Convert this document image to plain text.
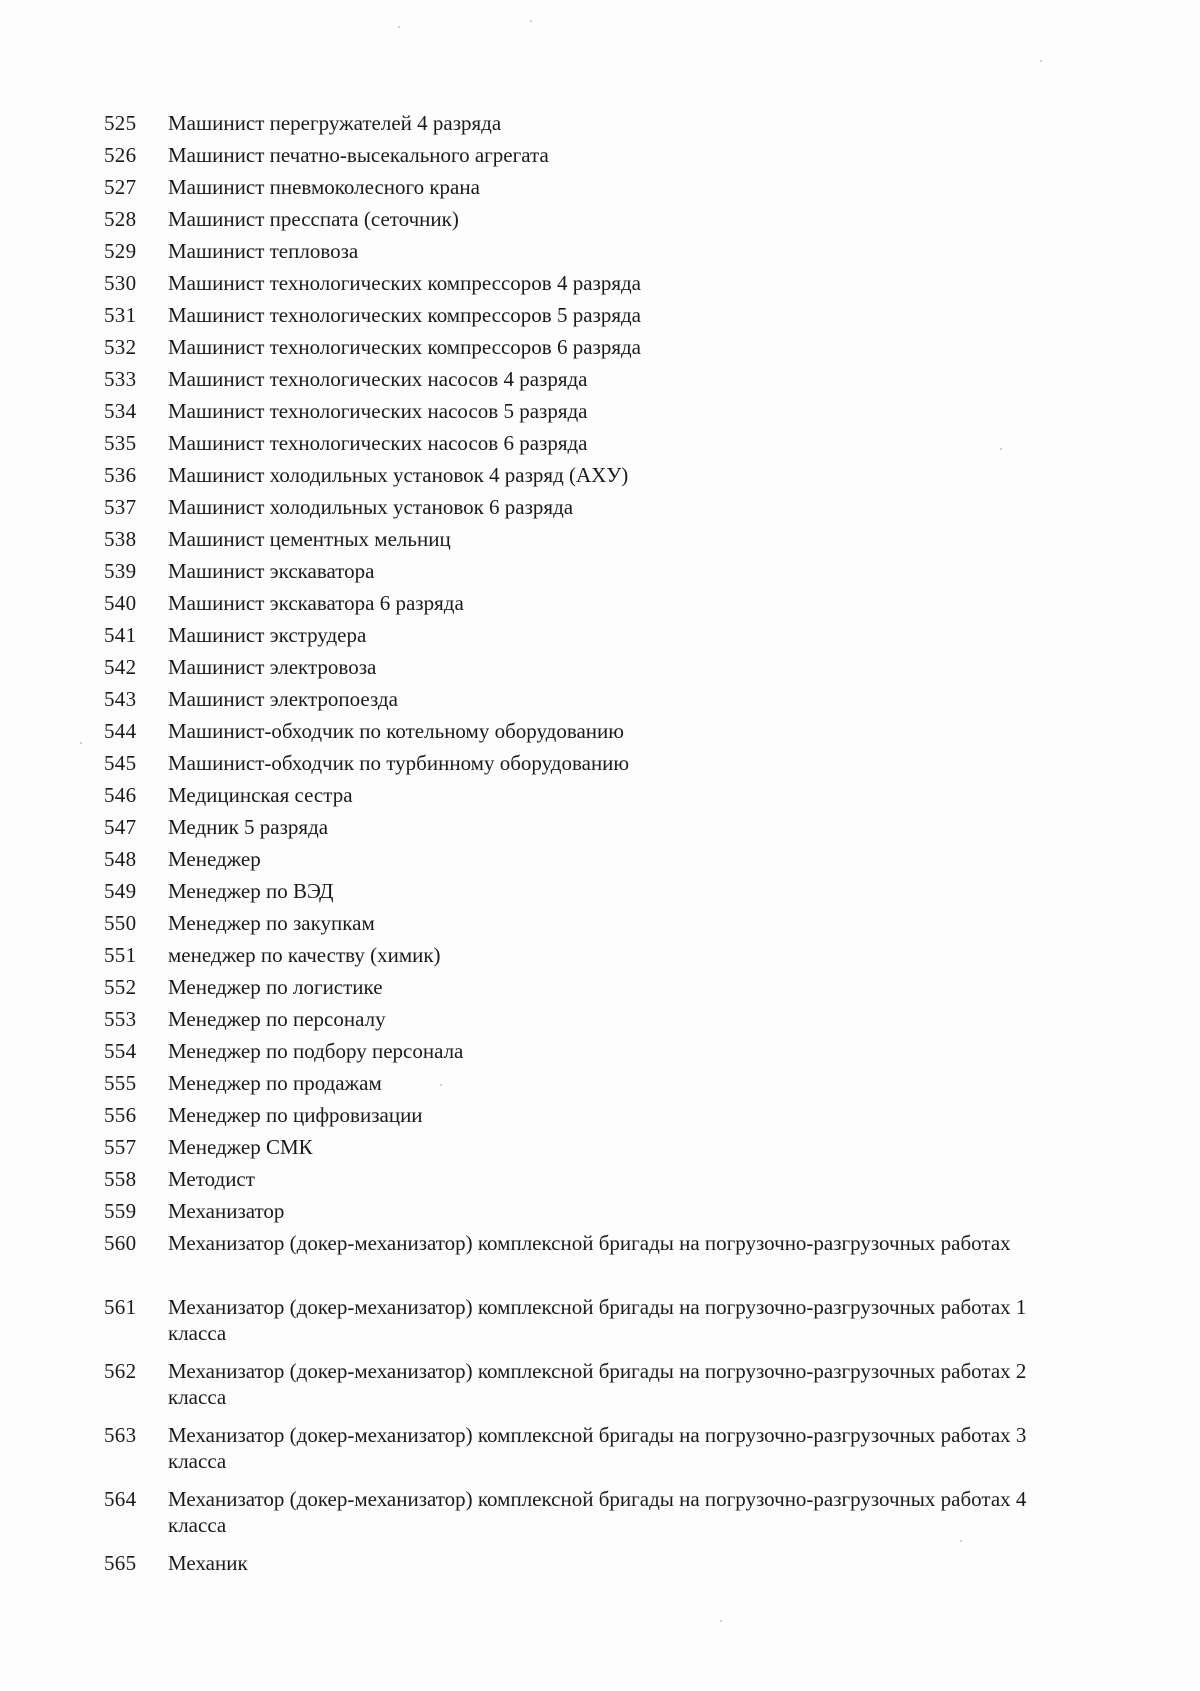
525	Машинист перегружателей 4 разряда
526	Машинист печатно-высекального агрегата
527	Машинист пневмоколесного крана
528	Машинист пресспата (сеточник)
529	Машинист тепловоза
530	Машинист технологических компрессоров 4 разряда
531	Машинист технологических компрессоров 5 разряда
532	Машинист технологических компрессоров 6 разряда
533	Машинист технологических насосов 4 разряда
534	Машинист технологических насосов 5 разряда
535	Машинист технологических насосов 6 разряда
536	Машинист холодильных установок 4 разряд (АХУ)
537	Машинист холодильных установок 6 разряда
538	Машинист цементных мельниц
539	Машинист экскаватора
540	Машинист экскаватора 6 разряда
541	Машинист экструдера
542	Машинист электровоза
543	Машинист электропоезда
544	Машинист-обходчик по котельному оборудованию
545	Машинист-обходчик по турбинному оборудованию
546	Медицинская сестра
547	Медник 5 разряда
548	Менеджер
549	Менеджер по ВЭД
550	Менеджер по закупкам
551	менеджер по качеству (химик)
552	Менеджер по логистике
553	Менеджер по персоналу
554	Менеджер по подбору персонала
555	Менеджер по продажам
556	Менеджер по цифровизации
557	Менеджер СМК
558	Методист
559	Механизатор
560	Механизатор (докер-механизатор) комплексной бригады на погрузочно-разгрузочных работах
561	Механизатор (докер-механизатор) комплексной бригады на погрузочно-разгрузочных работах 1 класса
562	Механизатор (докер-механизатор) комплексной бригады на погрузочно-разгрузочных работах 2 класса
563	Механизатор (докер-механизатор) комплексной бригады на погрузочно-разгрузочных работах 3 класса
564	Механизатор (докер-механизатор) комплексной бригады на погрузочно-разгрузочных работах 4 класса
565	Механик
